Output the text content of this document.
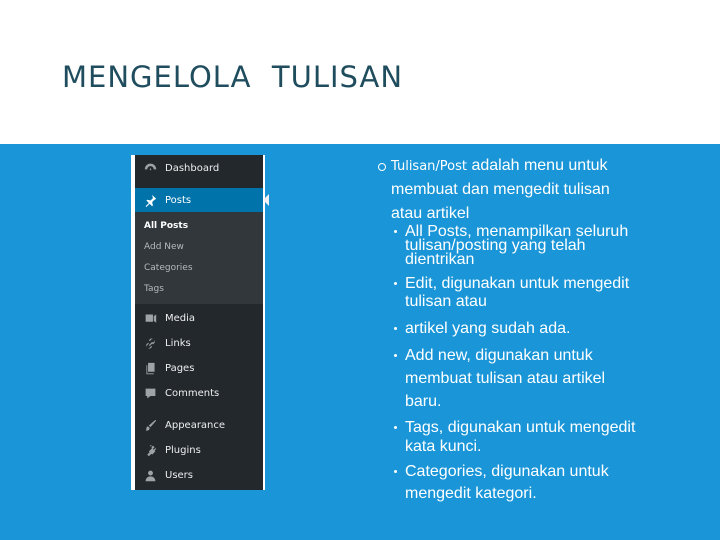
MENGELOLA  TULISAN
Dashboard
Posts
All Posts
Add New
Categories
Tags
Media
Links
Pages
Comments
Appearance
Plugins
Users
Tulisan/Post adalah menu untuk
membuat dan mengedit tulisan
atau artikel
All Posts, menampilkan seluruh
tulisan/posting yang telah
dientrikan
Edit, digunakan untuk mengedit
tulisan atau
artikel yang sudah ada.
Add new, digunakan untuk
membuat tulisan atau artikel
baru.
Tags, digunakan untuk mengedit
kata kunci.
Categories, digunakan untuk
mengedit kategori.
